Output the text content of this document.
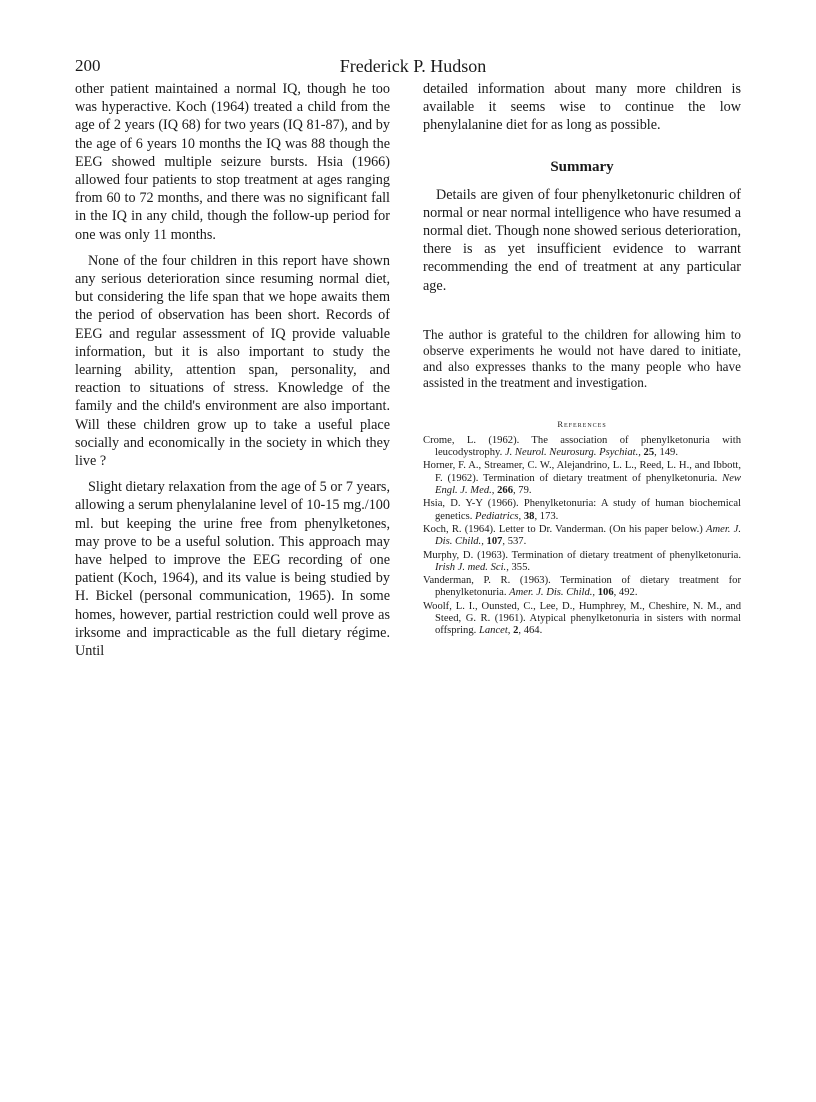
200	Frederick P. Hudson

other patient maintained a normal IQ, though he too was hyperactive. Koch (1964) treated a child from the age of 2 years (IQ 68) for two years (IQ 81-87), and by the age of 6 years 10 months the IQ was 88 though the EEG showed multiple seizure bursts. Hsia (1966) allowed four patients to stop treatment at ages ranging from 60 to 72 months, and there was no significant fall in the IQ in any child, though the follow-up period for one was only 11 months.

None of the four children in this report have shown any serious deterioration since resuming normal diet, but considering the life span that we hope awaits them the period of observation has been short. Records of EEG and regular assessment of IQ provide valuable information, but it is also important to study the learning ability, attention span, personality, and reaction to situations of stress. Knowledge of the family and the child's environment are also important. Will these children grow up to take a useful place socially and economically in the society in which they live ?

Slight dietary relaxation from the age of 5 or 7 years, allowing a serum phenylalanine level of 10-15 mg./100 ml. but keeping the urine free from phenylketones, may prove to be a useful solution. This approach may have helped to improve the EEG recording of one patient (Koch, 1964), and its value is being studied by H. Bickel (personal communication, 1965). In some homes, however, partial restriction could well prove as irksome and impracticable as the full dietary régime. Until

detailed information about many more children is available it seems wise to continue the low phenylalanine diet for as long as possible.

Summary

Details are given of four phenylketonuric children of normal or near normal intelligence who have resumed a normal diet. Though none showed serious deterioration, there is as yet insufficient evidence to warrant recommending the end of treatment at any particular age.

The author is grateful to the children for allowing him to observe experiments he would not have dared to initiate, and also expresses thanks to the many people who have assisted in the treatment and investigation.

References
Crome, L. (1962). The association of phenylketonuria with leucodystrophy. J. Neurol. Neurosurg. Psychiat., 25, 149.
Horner, F. A., Streamer, C. W., Alejandrino, L. L., Reed, L. H., and Ibbott, F. (1962). Termination of dietary treatment of phenylketonuria. New Engl. J. Med., 266, 79.
Hsia, D. Y-Y (1966). Phenylketonuria: A study of human biochemical genetics. Pediatrics, 38, 173.
Koch, R. (1964). Letter to Dr. Vanderman. (On his paper below.) Amer. J. Dis. Child., 107, 537.
Murphy, D. (1963). Termination of dietary treatment of phenylketonuria. Irish J. med. Sci., 355.
Vanderman, P. R. (1963). Termination of dietary treatment for phenylketonuria. Amer. J. Dis. Child., 106, 492.
Woolf, L. I., Ounsted, C., Lee, D., Humphrey, M., Cheshire, N. M., and Steed, G. R. (1961). Atypical phenylketonuria in sisters with normal offspring. Lancet, 2, 464.
